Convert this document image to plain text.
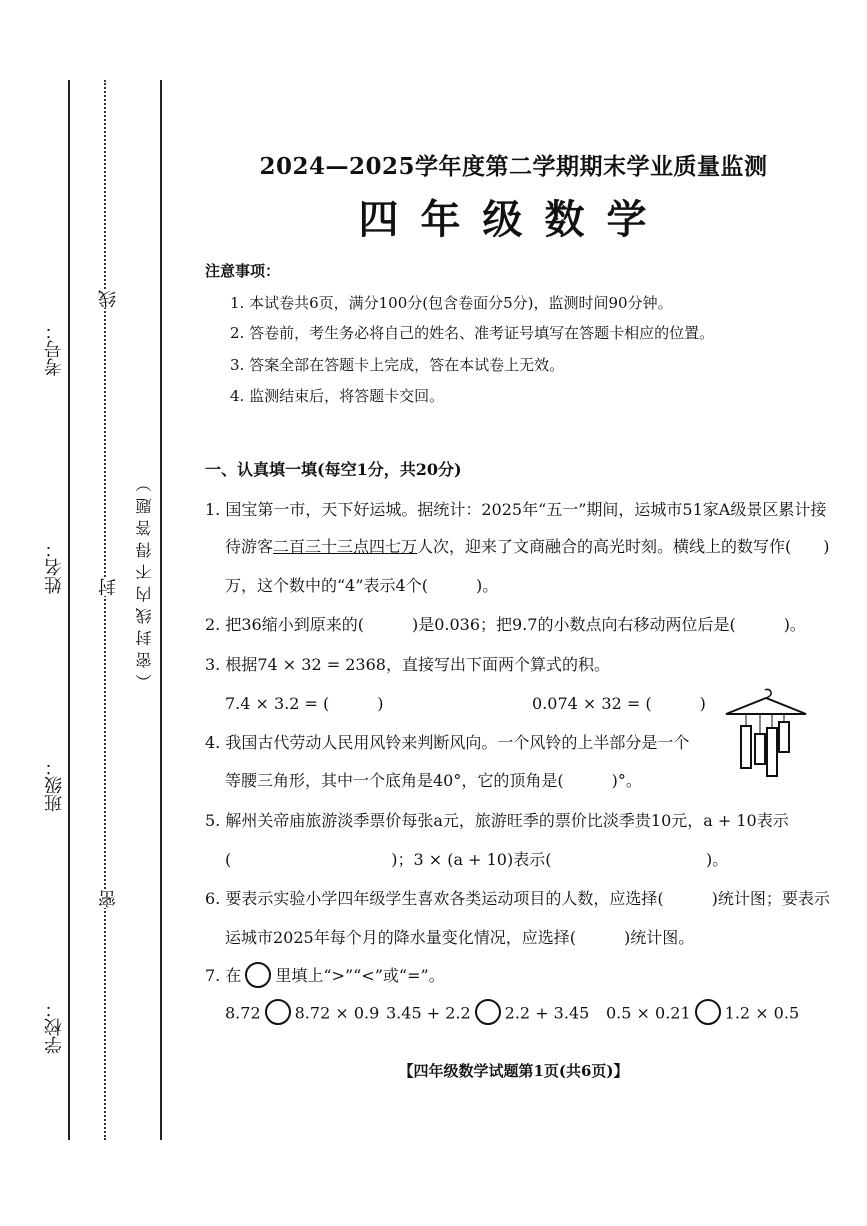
考号：
姓名：
班级：
学校：
线
封
密
（密封线内不得答题）
2024—2025学年度第二学期期末学业质量监测
四年级数学
注意事项：
1. 本试卷共6页，满分100分(包含卷面分5分)，监测时间90分钟。
2. 答卷前，考生务必将自己的姓名、准考证号填写在答题卡相应的位置。
3. 答案全部在答题卡上完成，答在本试卷上无效。
4. 监测结束后，将答题卡交回。
一、认真填一填(每空1分，共20分)
1. 国宝第一市，天下好运城。据统计：2025年“五一”期间，运城市51家A级景区累计接
待游客二百三十三点四七万人次，迎来了文商融合的高光时刻。横线上的数写作(　　)
万，这个数中的“4”表示4个(　　　)。
2. 把36缩小到原来的(　　　)是0.036；把9.7的小数点向右移动两位后是(　　　)。
3. 根据74 × 32 = 2368，直接写出下面两个算式的积。
7.4 × 3.2 = (　　　)	0.074 × 32 = (　　　)
4. 我国古代劳动人民用风铃来判断风向。一个风铃的上半部分是一个
等腰三角形，其中一个底角是40°，它的顶角是(　　　)°。
5. 解州关帝庙旅游淡季票价每张a元，旅游旺季的票价比淡季贵10元，a + 10表示
(　　　　　　　　　　)；3 × (a + 10)表示(	)。
6. 要表示实验小学四年级学生喜欢各类运动项目的人数，应选择(　　　)统计图；要表示
运城市2025年每个月的降水量变化情况，应选择(　　　)统计图。
7. 在 里填上“>”“<”或“=”。
8.72 8.72 × 0.9 3.45 + 2.2 2.2 + 3.45 0.5 × 0.21 1.2 × 0.5
【四年级数学试题第1页(共6页)】
